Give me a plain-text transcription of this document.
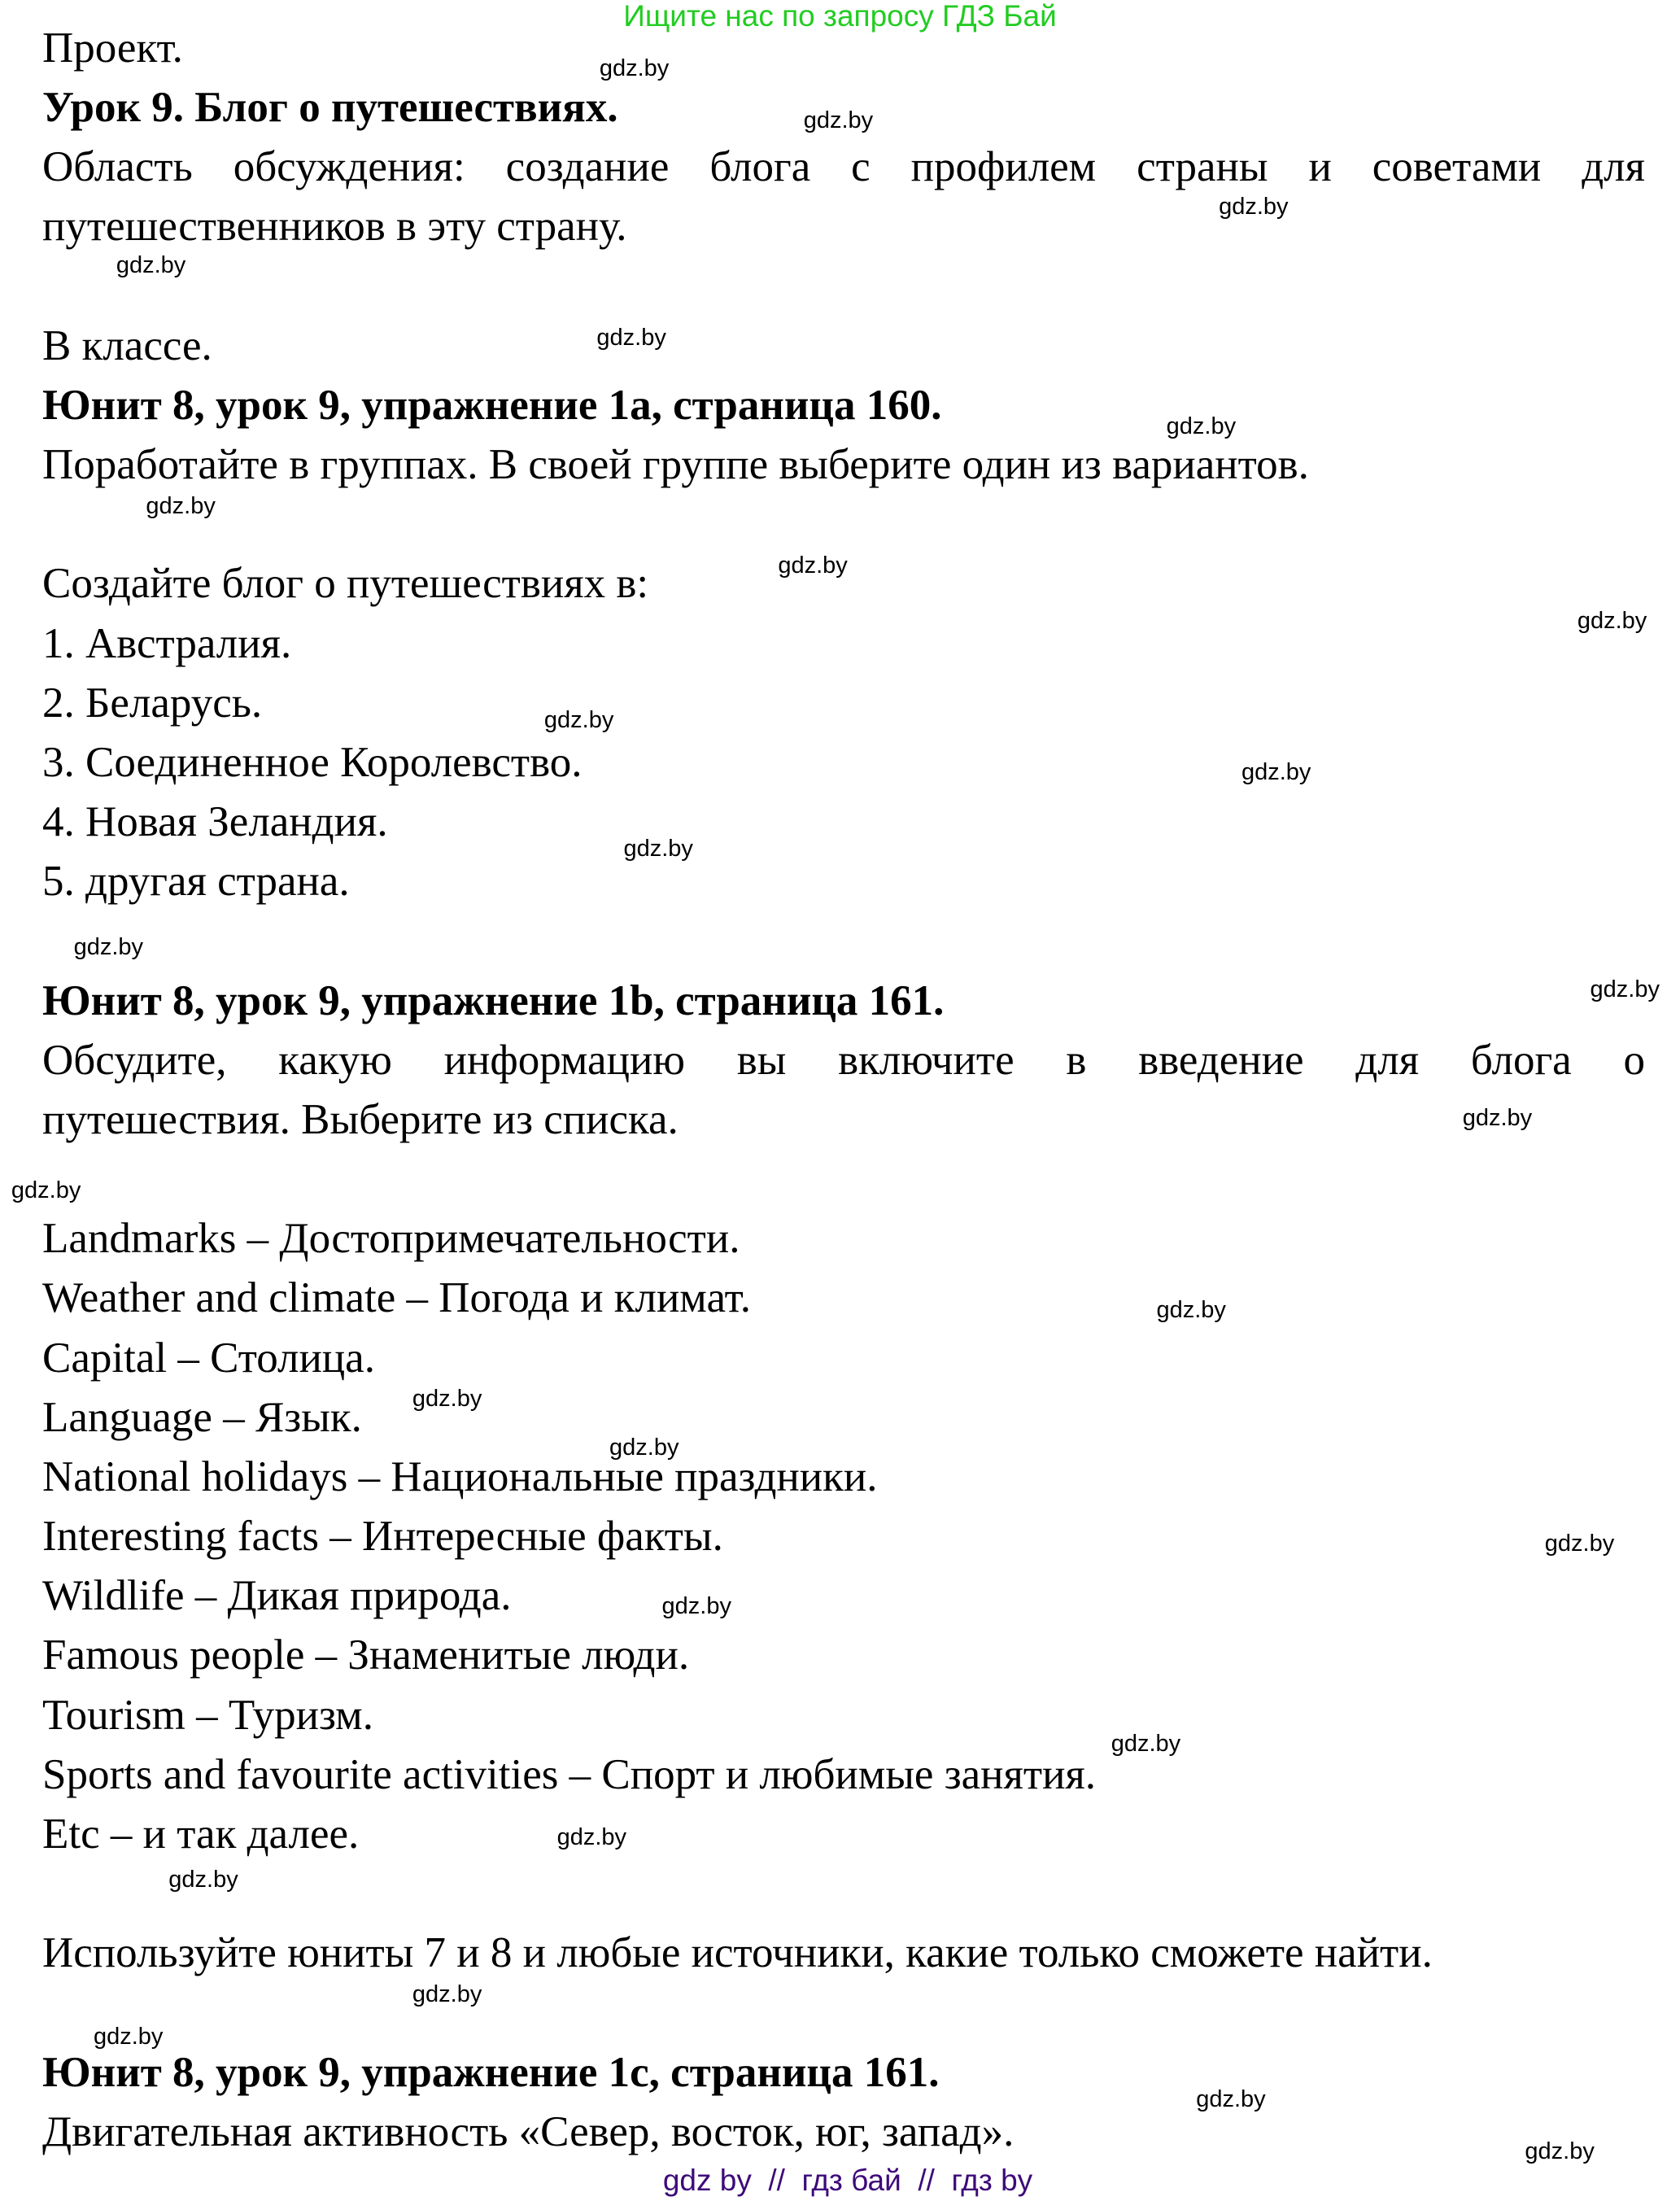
Ищите нас по запросу ГДЗ Бай
Проект.
Урок 9. Блог о путешествиях.
Область обсуждения: создание блога с профилем страны и советами для
путешественников в эту страну.
В классе.
Юнит 8, урок 9, упражнение 1a, страница 160.
Поработайте в группах. В своей группе выберите один из вариантов.
Создайте блог о путешествиях в:
1. Австралия.
2. Беларусь.
3. Соединенное Королевство.
4. Новая Зеландия.
5. другая страна.
Юнит 8, урок 9, упражнение 1b, страница 161.
Обсудите, какую информацию вы включите в введение для блога о
путешествия. Выберите из списка.
Landmarks – Достопримечательности.
Weather and climate – Погода и климат.
Capital – Столица.
Language – Язык.
National holidays – Национальные праздники.
Interesting facts – Интересные факты.
Wildlife – Дикая природа.
Famous people – Знаменитые люди.
Tourism – Туризм.
Sports and favourite activities – Спорт и любимые занятия.
Etc – и так далее.
Используйте юниты 7 и 8 и любые источники, какие только сможете найти.
Юнит 8, урок 9, упражнение 1c, страница 161.
Двигательная активность «Север, восток, юг, запад».
gdz.by
gdz.by
gdz.by
gdz.by
gdz.by
gdz.by
gdz.by
gdz.by
gdz.by
gdz.by
gdz.by
gdz.by
gdz.by
gdz.by
gdz.by
gdz.by
gdz.by
gdz.by
gdz.by
gdz.by
gdz.by
gdz.by
gdz.by
gdz.by
gdz.by
gdz.by
gdz.by
gdz.by
gdz by  //  гдз бай  //  гдз by
